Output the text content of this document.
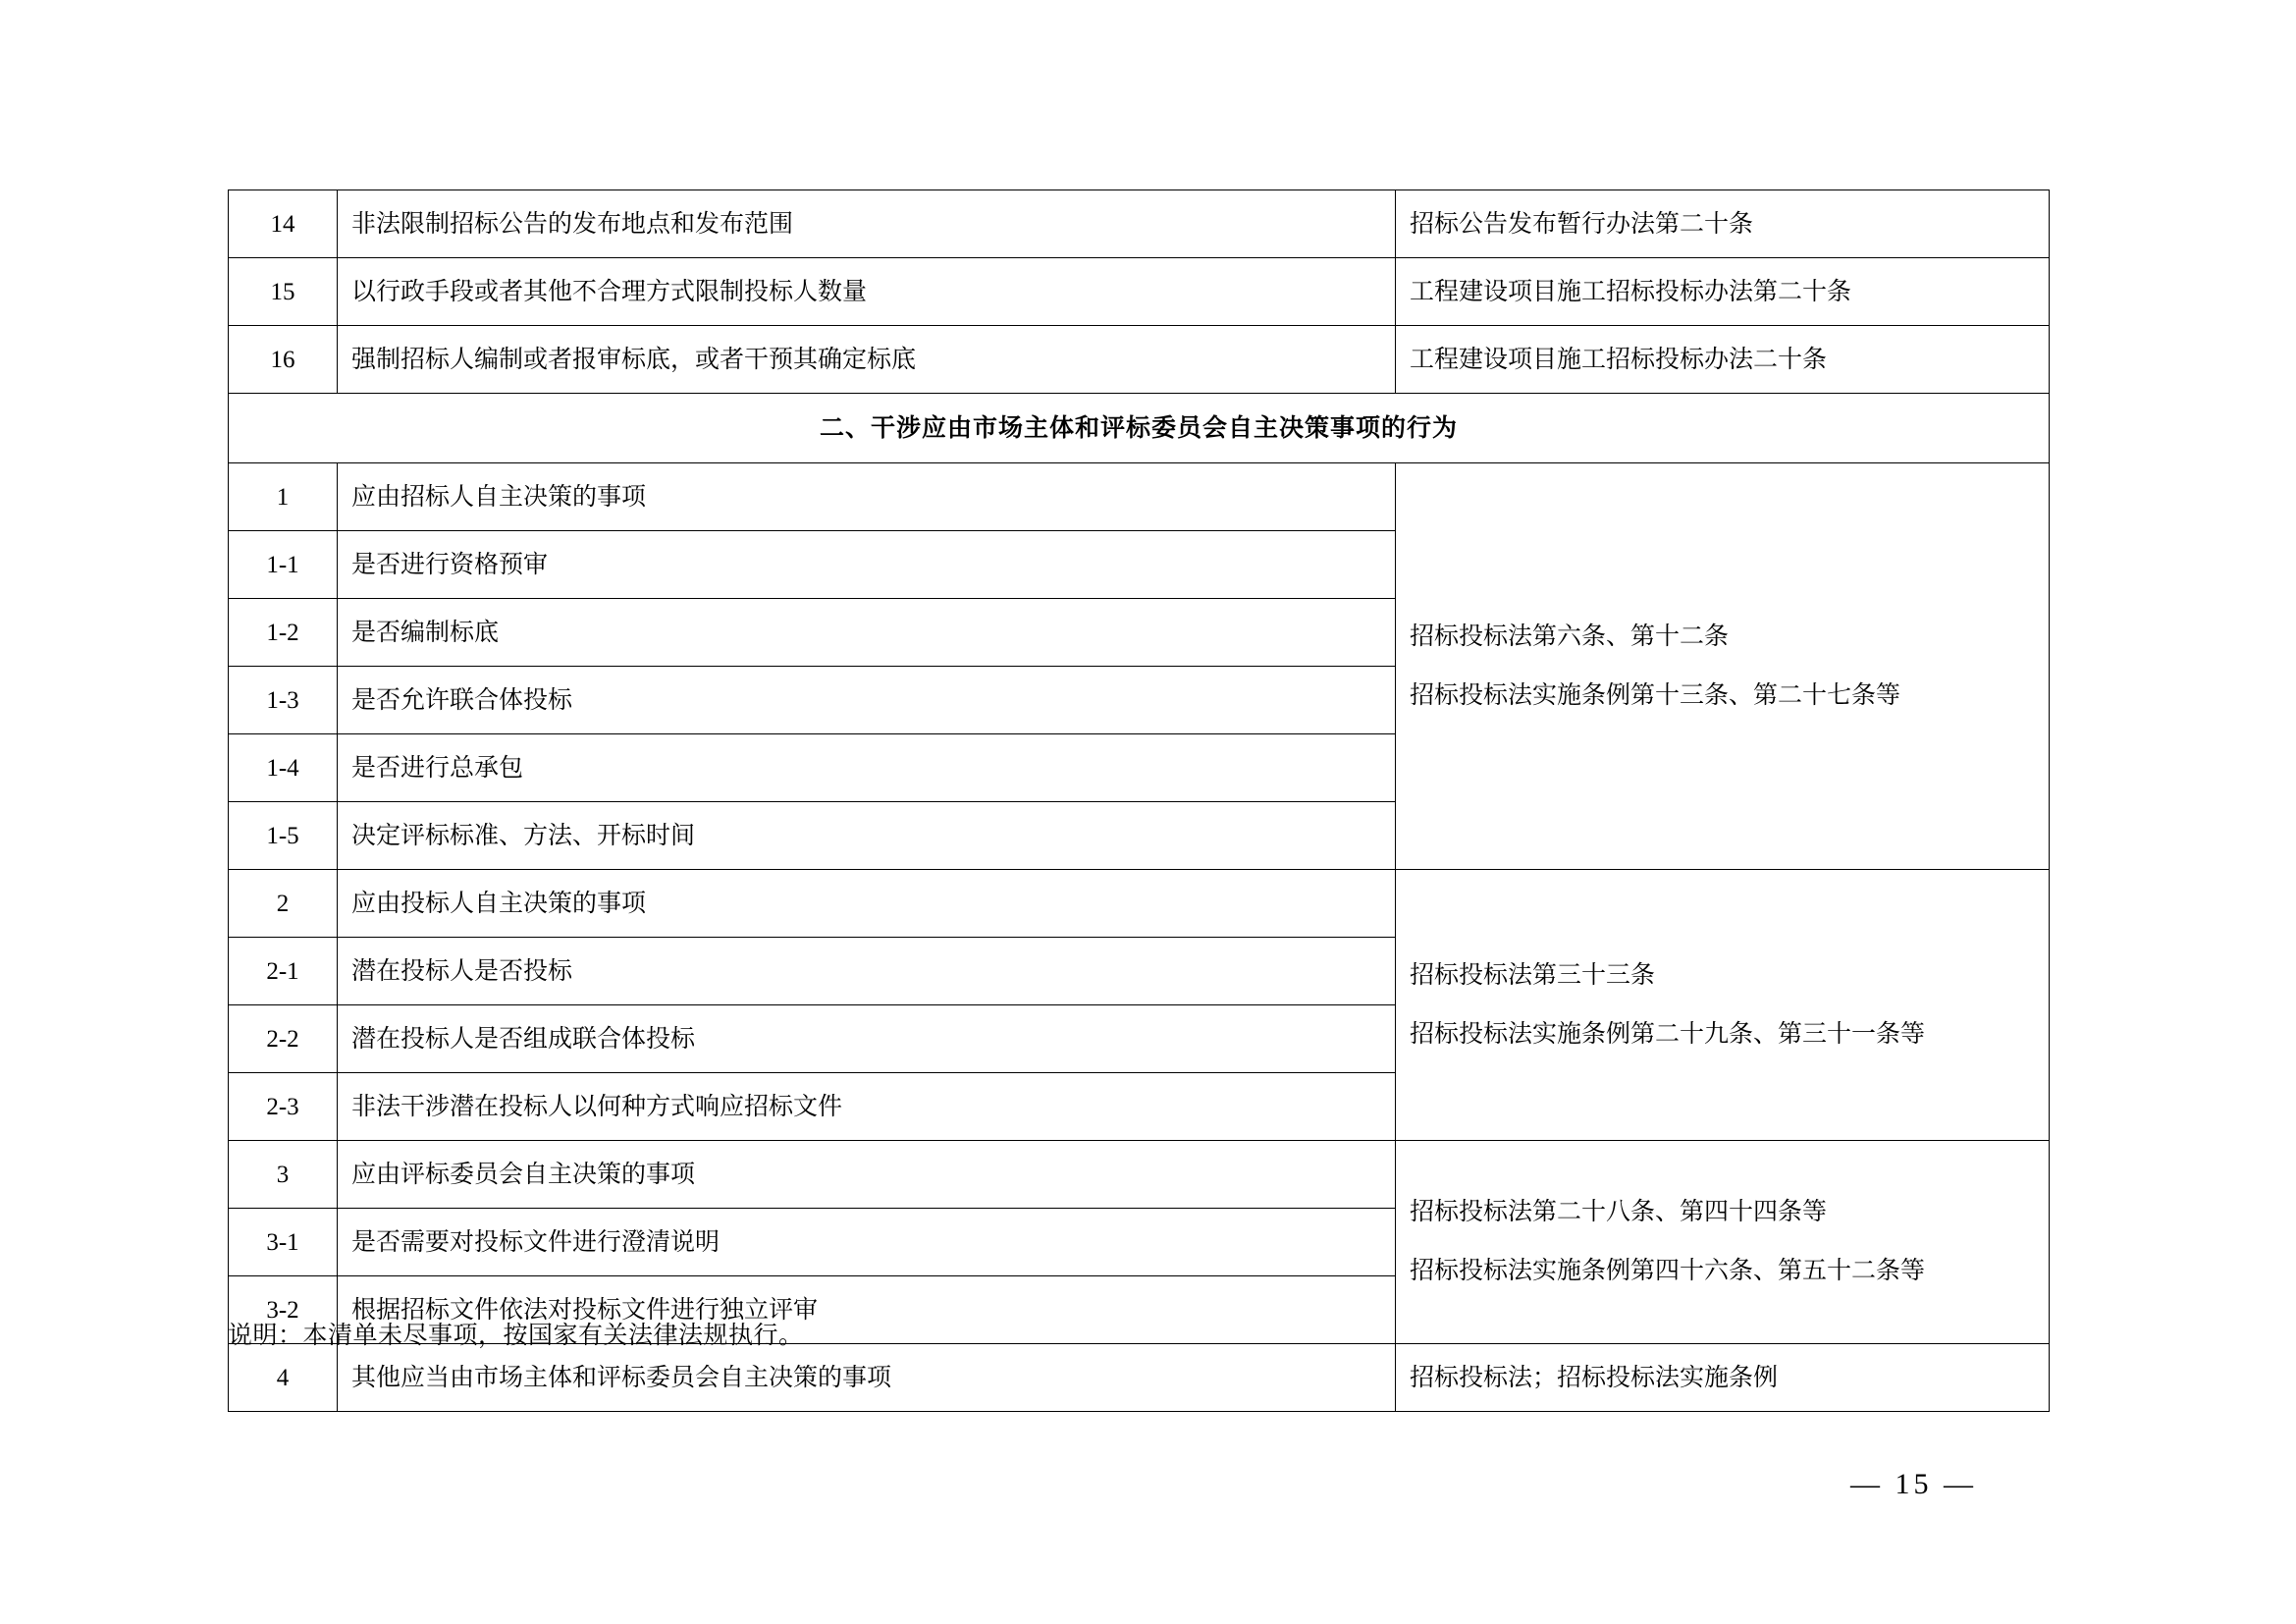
14	非法限制招标公告的发布地点和发布范围	招标公告发布暂行办法第二十条
15	以行政手段或者其他不合理方式限制投标人数量	工程建设项目施工招标投标办法第二十条
16	强制招标人编制或者报审标底，或者干预其确定标底	工程建设项目施工招标投标办法二十条
二、干涉应由市场主体和评标委员会自主决策事项的行为		
1	应由招标人自主决策的事项	招标投标法第六条、第十二条
招标投标法实施条例第十三条、第二十七条等

1-1	是否进行资格预审	
1-2	是否编制标底	
1-3	是否允许联合体投标	
1-4	是否进行总承包	
1-5	决定评标标准、方法、开标时间	
2	应由投标人自主决策的事项	招标投标法第三十三条
招标投标法实施条例第二十九条、第三十一条等

2-1	潜在投标人是否投标	
2-2	潜在投标人是否组成联合体投标	
2-3	非法干涉潜在投标人以何种方式响应招标文件	
3	应由评标委员会自主决策的事项	招标投标法第二十八条、第四十四条等
招标投标法实施条例第四十六条、第五十二条等

3-1	是否需要对投标文件进行澄清说明	
3-2	根据招标文件依法对投标文件进行独立评审	
4	其他应当由市场主体和评标委员会自主决策的事项	招标投标法；招标投标法实施条例
说明：本清单未尽事项，按国家有关法律法规执行。
— 15 —
